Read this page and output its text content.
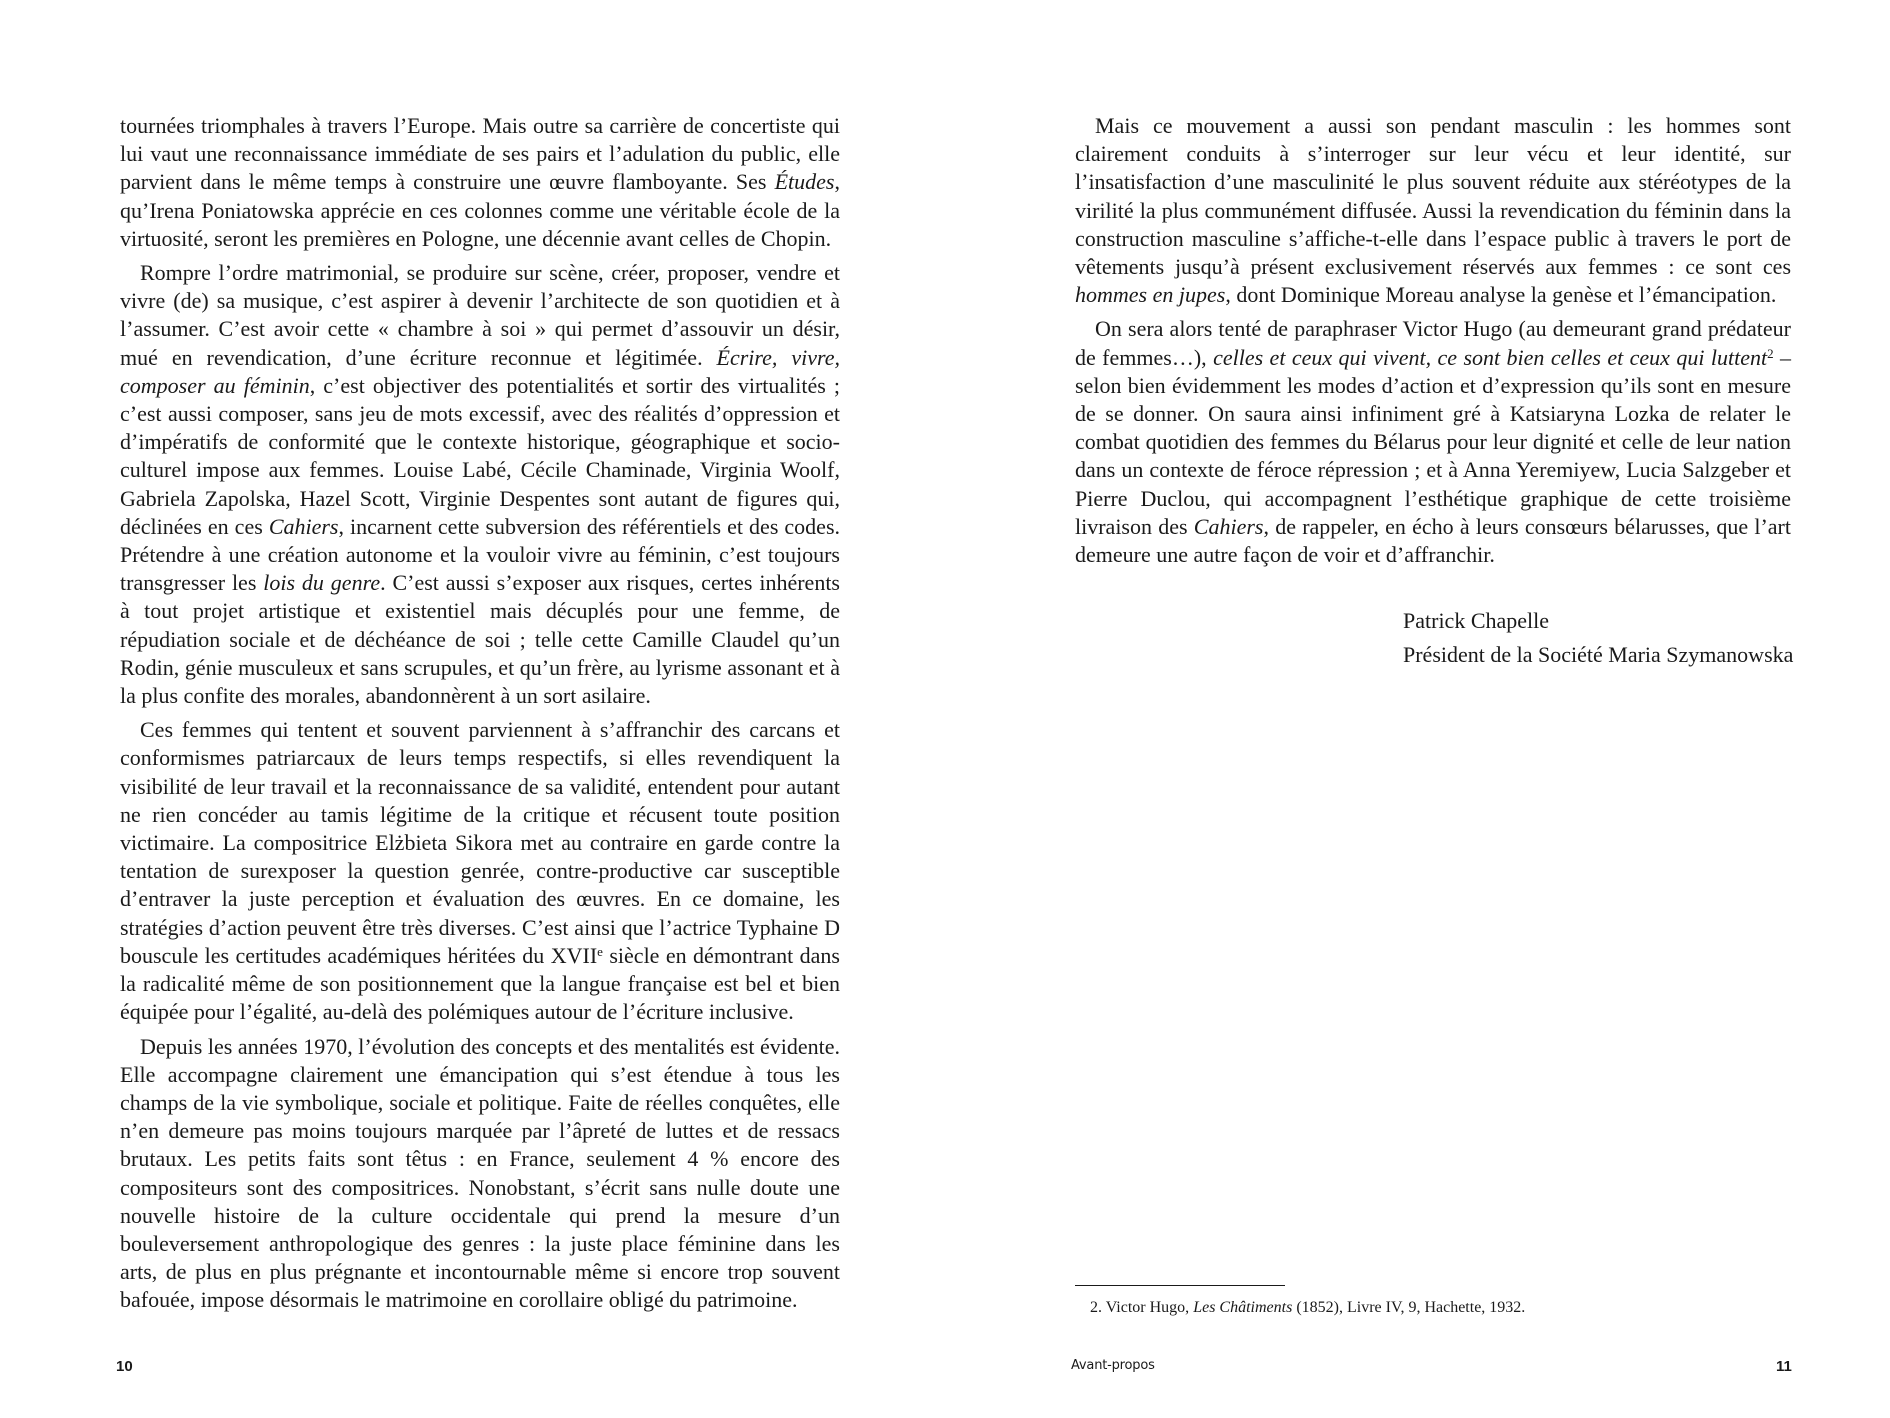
tournées triomphales à travers l’Europe. Mais outre sa carrière de concertiste qui lui vaut une reconnaissance immédiate de ses pairs et l’adulation du public, elle parvient dans le même temps à construire une œuvre flamboyante. Ses Études, qu’Irena Poniatowska apprécie en ces colonnes comme une véritable école de la virtuosité, seront les premières en Pologne, une décennie avant celles de Chopin.

Rompre l’ordre matrimonial, se produire sur scène, créer, proposer, vendre et vivre (de) sa musique, c’est aspirer à devenir l’architecte de son quotidien et à l’assumer. C’est avoir cette « chambre à soi » qui permet d’assouvir un désir, mué en revendication, d’une écriture reconnue et légitimée. Écrire, vivre, composer au féminin, c’est objectiver des potentialités et sortir des virtualités ; c’est aussi composer, sans jeu de mots excessif, avec des réalités d’oppression et d’impératifs de conformité que le contexte historique, géographique et socio-culturel impose aux femmes. Louise Labé, Cécile Chaminade, Virginia Woolf, Gabriela Zapolska, Hazel Scott, Virginie Despentes sont autant de figures qui, déclinées en ces Cahiers, incarnent cette subversion des référentiels et des codes. Prétendre à une création autonome et la vouloir vivre au féminin, c’est toujours transgresser les lois du genre. C’est aussi s’exposer aux risques, certes inhérents à tout projet artistique et existentiel mais décuplés pour une femme, de répudiation sociale et de déchéance de soi ; telle cette Camille Claudel qu’un Rodin, génie musculeux et sans scrupules, et qu’un frère, au lyrisme assonant et à la plus confite des morales, abandonnèrent à un sort asilaire.

Ces femmes qui tentent et souvent parviennent à s’affranchir des carcans et conformismes patriarcaux de leurs temps respectifs, si elles revendiquent la visibilité de leur travail et la reconnaissance de sa validité, entendent pour autant ne rien concéder au tamis légitime de la critique et récusent toute position victimaire. La compositrice Elżbieta Sikora met au contraire en garde contre la tentation de surexposer la question genrée, contre-productive car susceptible d’entraver la juste perception et évaluation des œuvres. En ce domaine, les stratégies d’action peuvent être très diverses. C’est ainsi que l’actrice Typhaine D bouscule les certitudes académiques héritées du XVIIe siècle en démontrant dans la radicalité même de son positionnement que la langue française est bel et bien équipée pour l’égalité, au-delà des polémiques autour de l’écriture inclusive.

Depuis les années 1970, l’évolution des concepts et des mentalités est évidente. Elle accompagne clairement une émancipation qui s’est étendue à tous les champs de la vie symbolique, sociale et politique. Faite de réelles conquêtes, elle n’en demeure pas moins toujours marquée par l’âpreté de luttes et de ressacs brutaux. Les petits faits sont têtus : en France, seulement 4 % encore des compositeurs sont des compositrices. Nonobstant, s’écrit sans nulle doute une nouvelle histoire de la culture occidentale qui prend la mesure d’un bouleversement anthropologique des genres : la juste place féminine dans les arts, de plus en plus prégnante et incontournable même si encore trop souvent bafouée, impose désormais le matrimoine en corollaire obligé du patrimoine.

Mais ce mouvement a aussi son pendant masculin : les hommes sont clairement conduits à s’interroger sur leur vécu et leur identité, sur l’insatisfaction d’une masculinité le plus souvent réduite aux stéréotypes de la virilité la plus communément diffusée. Aussi la revendication du féminin dans la construction masculine s’affiche-t-elle dans l’espace public à travers le port de vêtements jusqu’à présent exclusivement réservés aux femmes : ce sont ces hommes en jupes, dont Dominique Moreau analyse la genèse et l’émancipation.

On sera alors tenté de paraphraser Victor Hugo (au demeurant grand prédateur de femmes…), celles et ceux qui vivent, ce sont bien celles et ceux qui luttent$^2$ – selon bien évidemment les modes d’action et d’expression qu’ils sont en mesure de se donner. On saura ainsi infiniment gré à Katsiaryna Lozka de relater le combat quotidien des femmes du Bélarus pour leur dignité et celle de leur nation dans un contexte de féroce répression ; et à Anna Yeremiyew, Lucia Salzgeber et Pierre Duclou, qui accompagnent l’esthétique graphique de cette troisième livraison des Cahiers, de rappeler, en écho à leurs consœurs bélarusses, que l’art demeure une autre façon de voir et d’affranchir.

Patrick Chapelle
Président de la Société Maria Szymanowska
2. Victor Hugo, Les Châtiments (1852), Livre IV, 9, Hachette, 1932.
10	Avant-propos	11
